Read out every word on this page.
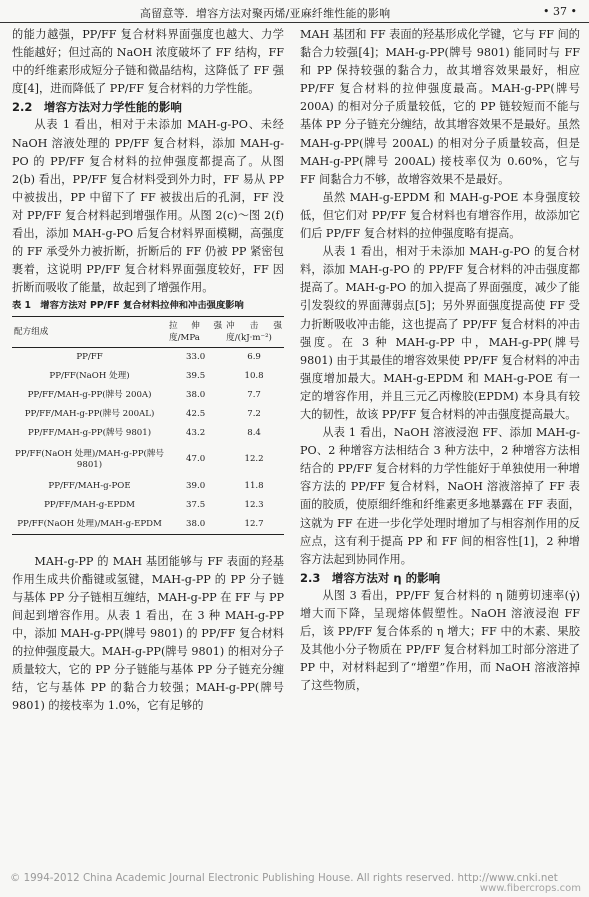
高留意等．增容方法对聚丙烯/亚麻纤维性能的影响	• 37 •

的能力越强，PP/FF 复合材料界面强度也越大、力学性能越好；但过高的 NaOH 浓度破坏了 FF 结构，FF 中的纤维素形成短分子链和微晶结构，这降低了 FF 强度[4]，进而降低了 PP/FF 复合材料的力学性能。

2.2　增容方法对力学性能的影响

从表 1 看出，相对于未添加 MAH-g-PO、未经 NaOH 溶液处理的 PP/FF 复合材料，添加 MAH-g-PO 的 PP/FF 复合材料的拉伸强度都提高了。从图 2(b) 看出，PP/FF 复合材料受到外力时，FF 易从 PP 中被拔出，PP 中留下了 FF 被拔出后的孔洞，FF 没对 PP/FF 复合材料起到增强作用。从图 2(c)～图 2(f) 看出，添加 MAH-g-PO 后复合材料界面模糊，高强度的 FF 承受外力被折断，折断后的 FF 仍被 PP 紧密包裹着，这说明 PP/FF 复合材料界面强度较好，FF 因折断而吸收了能量，故起到了增强作用。

表 1　增容方法对 PP/FF 复合材料拉伸和冲击强度影响

配方组成	拉伸强度/MPa	冲击强度/(kJ·m⁻²)
PP/FF	33.0	6.9
PP/FF(NaOH 处理)	39.5	10.8
PP/FF/MAH-g-PP(牌号 200A)	38.0	7.7
PP/FF/MAH-g-PP(牌号 200AL)	42.5	7.2
PP/FF/MAH-g-PP(牌号 9801)	43.2	8.4
PP/FF(NaOH 处理)/MAH-g-PP(牌号 9801)	47.0	12.2
PP/FF/MAH-g-POE	39.0	11.8
PP/FF/MAH-g-EPDM	37.5	12.3
PP/FF(NaOH 处理)/MAH-g-EPDM	38.0	12.7

MAH-g-PP 的 MAH 基团能够与 FF 表面的羟基作用生成共价酯键或氢键，MAH-g-PP 的 PP 分子链与基体 PP 分子链相互缠结，MAH-g-PP 在 FF 与 PP 间起到增容作用。从表 1 看出，在 3 种 MAH-g-PP 中，添加 MAH-g-PP(牌号 9801) 的 PP/FF 复合材料的拉伸强度最大。MAH-g-PP(牌号 9801) 的相对分子质量较大，它的 PP 分子链能与基体 PP 分子链充分缠结，它与基体 PP 的黏合力较强；MAH-g-PP(牌号 9801) 的接枝率为 1.0%，它有足够的

MAH 基团和 FF 表面的羟基形成化学键，它与 FF 间的黏合力较强[4]；MAH-g-PP(牌号 9801) 能同时与 FF 和 PP 保持较强的黏合力，故其增容效果最好，相应 PP/FF 复合材料的拉伸强度最高。MAH-g-PP(牌号 200A) 的相对分子质量较低，它的 PP 链较短而不能与基体 PP 分子链充分缠结，故其增容效果不是最好。虽然 MAH-g-PP(牌号 200AL) 的相对分子质量较高，但是 MAH-g-PP(牌号 200AL) 接枝率仅为 0.60%，它与 FF 间黏合力不够，故增容效果不是最好。

虽然 MAH-g-EPDM 和 MAH-g-POE 本身强度较低，但它们对 PP/FF 复合材料也有增容作用，故添加它们后 PP/FF 复合材料的拉伸强度略有提高。

从表 1 看出，相对于未添加 MAH-g-PO 的复合材料，添加 MAH-g-PO 的 PP/FF 复合材料的冲击强度都提高了。MAH-g-PO 的加入提高了界面强度，减少了能引发裂纹的界面薄弱点[5]；另外界面强度提高使 FF 受力折断吸收冲击能，这也提高了 PP/FF 复合材料的冲击强度。在 3 种 MAH-g-PP 中，MAH-g-PP(牌号 9801) 由于其最佳的增容效果使 PP/FF 复合材料的冲击强度增加最大。MAH-g-EPDM 和 MAH-g-POE 有一定的增容作用，并且三元乙丙橡胶(EPDM) 本身具有较大的韧性，故该 PP/FF 复合材料的冲击强度提高最大。

从表 1 看出，NaOH 溶液浸泡 FF、添加 MAH-g-PO、2 种增容方法相结合 3 种方法中，2 种增容方法相结合的 PP/FF 复合材料的力学性能好于单独使用一种增容方法的 PP/FF 复合材料，NaOH 溶液溶掉了 FF 表面的胶质，使原细纤维和纤维素更多地暴露在 FF 表面，这就为 FF 在进一步化学处理时增加了与相容剂作用的反应点，这有利于提高 PP 和 FF 间的相容性[1]，2 种增容方法起到协同作用。

2.3　增容方法对 η 的影响

从图 3 看出，PP/FF 复合材料的 η 随剪切速率(γ̇) 增大而下降，呈现熔体假塑性。NaOH 溶液浸泡 FF 后，该 PP/FF 复合体系的 η 增大；FF 中的木素、果胶及其他小分子物质在 PP/FF 复合材料加工时部分溶进了 PP 中，对材料起到了“增塑”作用，而 NaOH 溶液溶掉了这些物质，

© 1994-2012 China Academic Journal Electronic Publishing House. All rights reserved. http://www.cnki.net
www.fibercrops.com
